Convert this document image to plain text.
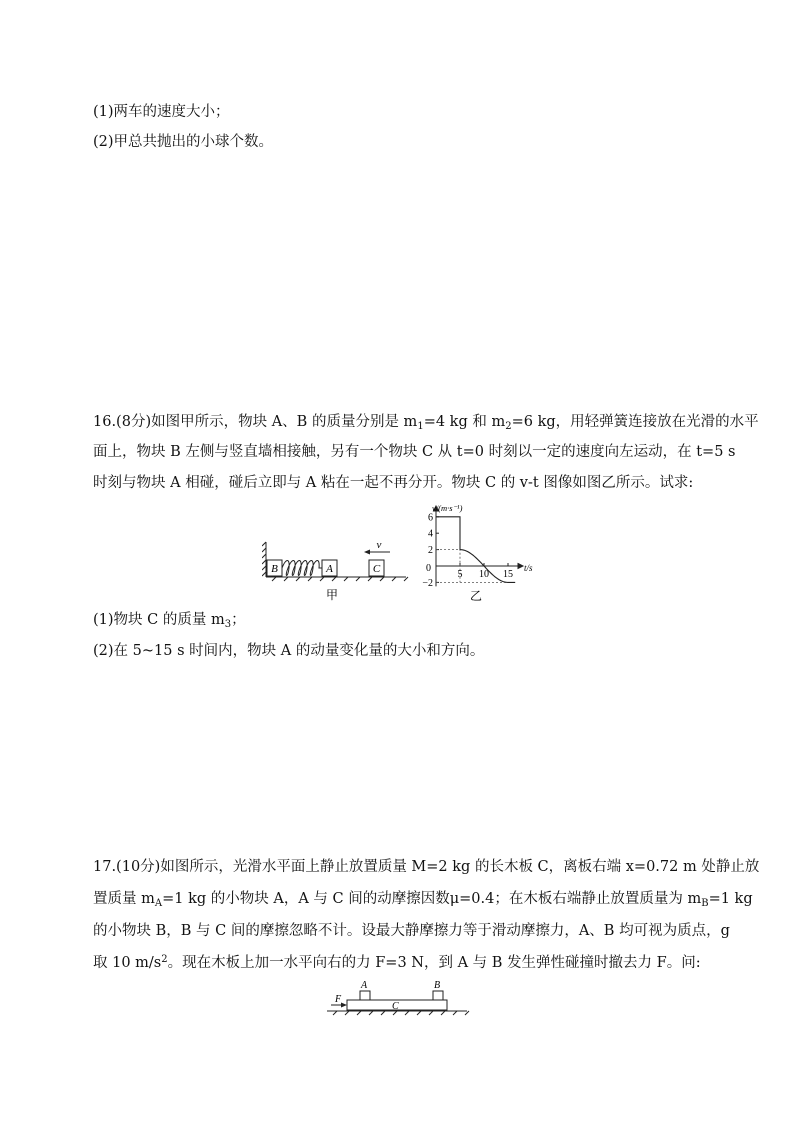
(1)两车的速度大小；
(2)甲总共抛出的小球个数。
16.(8分)如图甲所示，物块 A、B 的质量分别是 $m_1=4$ kg 和 $m_2=6$ kg，用轻弹簧连接放在光滑的水平
面上，物块 B 左侧与竖直墙相接触，另有一个物块 C 从 t=0 时刻以一定的速度向左运动，在 t=5 s
时刻与物块 A 相碰，碰后立即与 A 粘在一起不再分开。物块 C 的 v-t 图像如图乙所示。试求:
B	A	C
v
甲
−2
2
4
6
5 10 15
v/(m·s⁻¹)
t/s
0
乙
(1)物块 C 的质量 $m_3$；
(2)在 5~15 s 时间内，物块 A 的动量变化量的大小和方向。
17.(10分)如图所示，光滑水平面上静止放置质量 M=2 kg 的长木板 C，离板右端 x=0.72 m 处静止放
置质量 $m_A=1$ kg 的小物块 A，A 与 C 间的动摩擦因数μ=0.4；在木板右端静止放置质量为 $m_B=1$ kg
的小物块 B，B 与 C 间的摩擦忽略不计。设最大静摩擦力等于滑动摩擦力，A、B 均可视为质点，g
取 10 $m/s^2$。现在木板上加一水平向右的力 F=3 N，到 A 与 B 发生弹性碰撞时撤去力 F。问:
F
A	B
C
